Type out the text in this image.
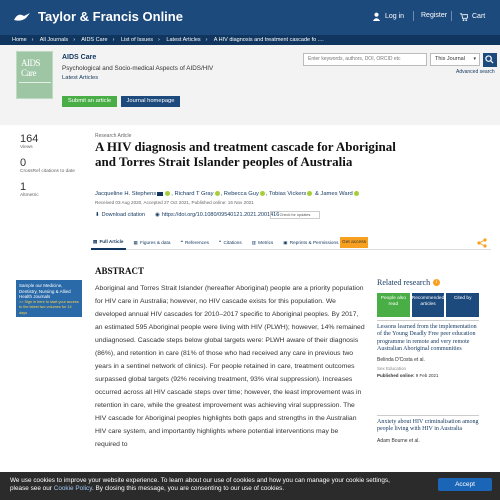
Taylor & Francis Online	Log in Register	Cart
Home › All Journals › AIDS Care › List of Issues › Latest Articles › A HIV diagnosis and treatment cascade fo ....
AIDS Care
AIDS Care
Psychological and Socio-medical Aspects of AIDS/HIV
Latest Articles
Submit an article	Journal homepage
Enter keywords, authors, DOI, ORCID etc	This Journal ▾
Advanced search
164
Views
0
CrossRef citations to date
1
Altmetric
Research Article
A HIV diagnosis and treatment cascade for Aboriginal and Torres Strait Islander peoples of Australia
Jacqueline H. Stephens	, Richard T Gray , Rebecca Guy , Tobias Vickers & James Ward
Received 03 Aug 2020, Accepted 27 Oct 2021, Published online: 16 Nov 2021
⬇ Download citation ◉ https://doi.org/10.1080/09540121.2021.2001416 Check for updates
▤ Full Article ▦ Figures & data ❝ References ❞ Citations ▥ Metrics ▣ Reprints & Permissions Get access
Sample our Medicine, Dentistry, Nursing & Allied Health Journals
>> Sign in here to start your access to the latest two volumes for 14 days
ABSTRACT
Aboriginal and Torres Strait Islander (hereafter Aboriginal) people are a priority population for HIV care in Australia; however, no HIV cascade exists for this population. We developed annual HIV cascades for 2010–2017 specific to Aboriginal peoples. By 2017, an estimated 595 Aboriginal people were living with HIV (PLWH); however, 14% remained undiagnosed. Cascade steps below global targets were: PLWH aware of their diagnosis (86%), and retention in care (81% of those who had received any care in previous two years in a sentinel network of clinics). For people retained in care, treatment outcomes surpassed global targets (92% receiving treatment, 93% viral suppression). Increases occurred across all HIV cascade steps over time; however, the least improvement was in retention in care, while the greatest improvement was achieving viral suppression. The HIV cascade for Aboriginal peoples highlights both gaps and strengths in the Australian HIV care system, and importantly highlights where potential interventions may be required to
Related research	i
People also read
Recommended articles
Cited by
Lessons learned from the implementation of the Young Deadly Free peer education programme in remote and very remote Australian Aboriginal communities
Belinda D'Costa et al.
Sex Education
Published online: 9 Feb 2021
Anxiety about HIV criminalisation among people living with HIV in Australia
Adam Bourne et al.
We use cookies to improve your website experience. To learn about our use of cookies and how you can manage your cookie settings,
please see our Cookie Policy. By closing this message, you are consenting to our use of cookies.	Accept
